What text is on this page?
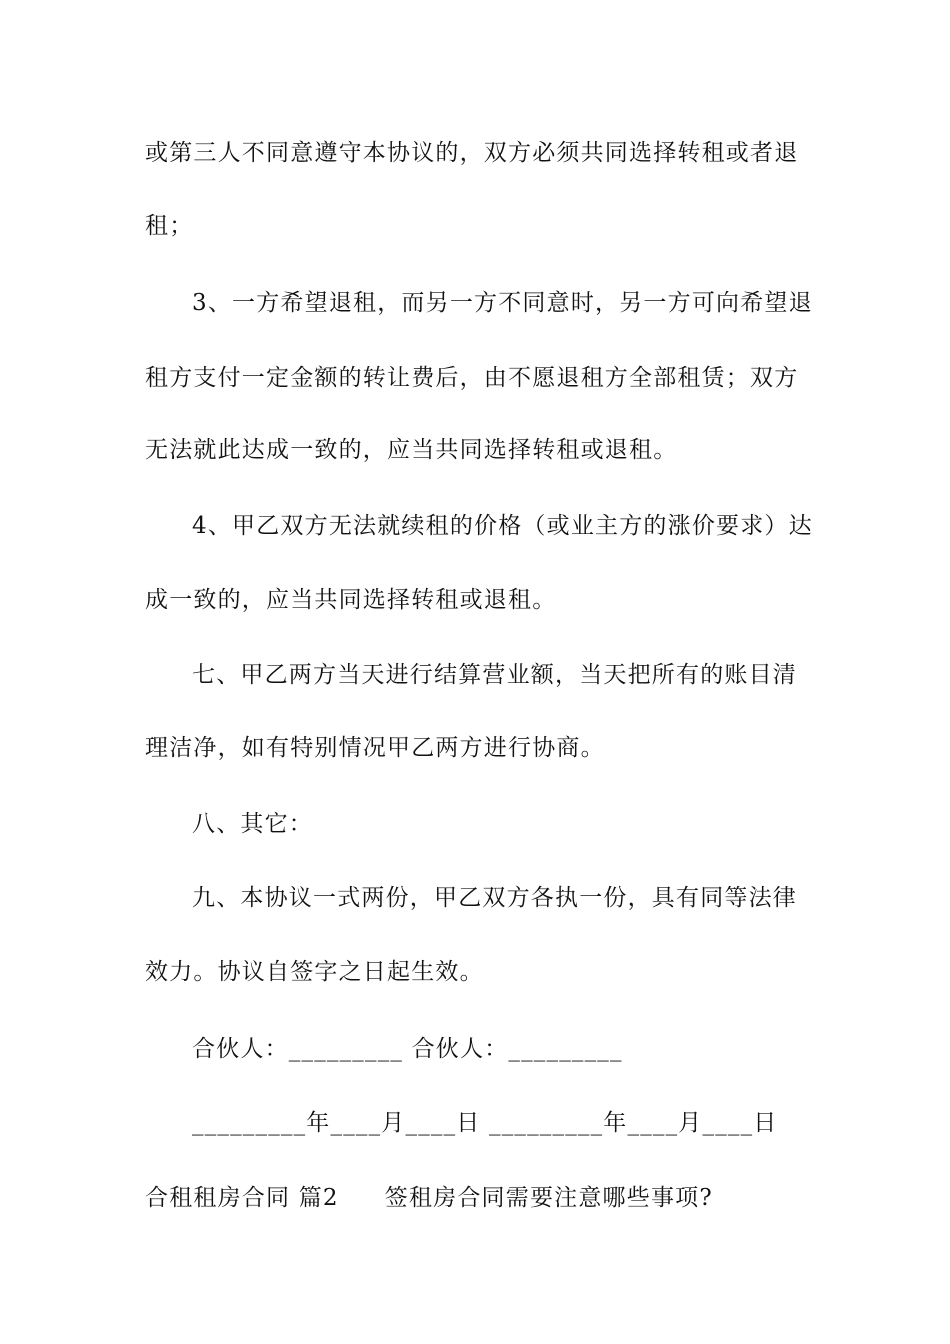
或第三人不同意遵守本协议的，双方必须共同选择转租或者退

租；

3、一方希望退租，而另一方不同意时，另一方可向希望退

租方支付一定金额的转让费后，由不愿退租方全部租赁；双方

无法就此达成一致的，应当共同选择转租或退租。

4、甲乙双方无法就续租的价格（或业主方的涨价要求）达

成一致的，应当共同选择转租或退租。

七、甲乙两方当天进行结算营业额，当天把所有的账目清

理洁净，如有特别情况甲乙两方进行协商。

八、其它：

九、本协议一式两份，甲乙双方各执一份，具有同等法律

效力。协议自签字之日起生效。

合伙人：_________ 合伙人：_________

_________年____月____日 _________年____月____日

合租租房合同 篇2 签租房合同需要注意哪些事项?
